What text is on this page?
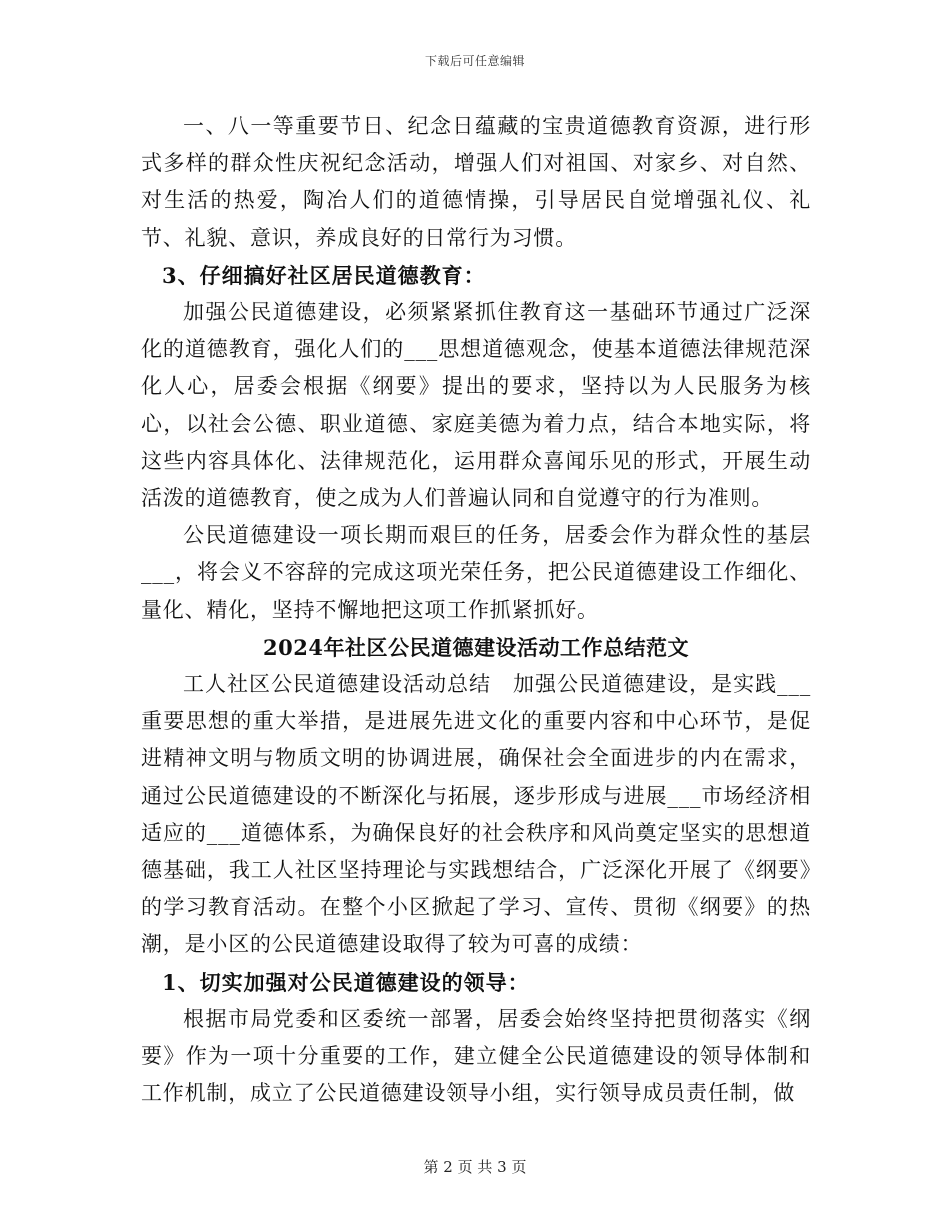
下载后可任意编辑

一、八一等重要节日、纪念日蕴藏的宝贵道德教育资源，进行形式多样的群众性庆祝纪念活动，增强人们对祖国、对家乡、对自然、对生活的热爱，陶冶人们的道德情操，引导居民自觉增强礼仪、礼节、礼貌、意识，养成良好的日常行为习惯。

3、仔细搞好社区居民道德教育：

加强公民道德建设，必须紧紧抓住教育这一基础环节通过广泛深化的道德教育，强化人们的___思想道德观念，使基本道德法律规范深化人心，居委会根据《纲要》提出的要求，坚持以为人民服务为核心，以社会公德、职业道德、家庭美德为着力点，结合本地实际，将这些内容具体化、法律规范化，运用群众喜闻乐见的形式，开展生动活泼的道德教育，使之成为人们普遍认同和自觉遵守的行为准则。

公民道德建设一项长期而艰巨的任务，居委会作为群众性的基层___，将会义不容辞的完成这项光荣任务，把公民道德建设工作细化、量化、精化，坚持不懈地把这项工作抓紧抓好。

2024年社区公民道德建设活动工作总结范文

工人社区公民道德建设活动总结　加强公民道德建设，是实践___重要思想的重大举措，是进展先进文化的重要内容和中心环节，是促进精神文明与物质文明的协调进展，确保社会全面进步的内在需求，通过公民道德建设的不断深化与拓展，逐步形成与进展___市场经济相适应的___道德体系，为确保良好的社会秩序和风尚奠定坚实的思想道德基础，我工人社区坚持理论与实践想结合，广泛深化开展了《纲要》的学习教育活动。在整个小区掀起了学习、宣传、贯彻《纲要》的热潮，是小区的公民道德建设取得了较为可喜的成绩：

1、切实加强对公民道德建设的领导：

根据市局党委和区委统一部署，居委会始终坚持把贯彻落实《纲要》作为一项十分重要的工作，建立健全公民道德建设的领导体制和工作机制，成立了公民道德建设领导小组，实行领导成员责任制，做

第 2 页 共 3 页
